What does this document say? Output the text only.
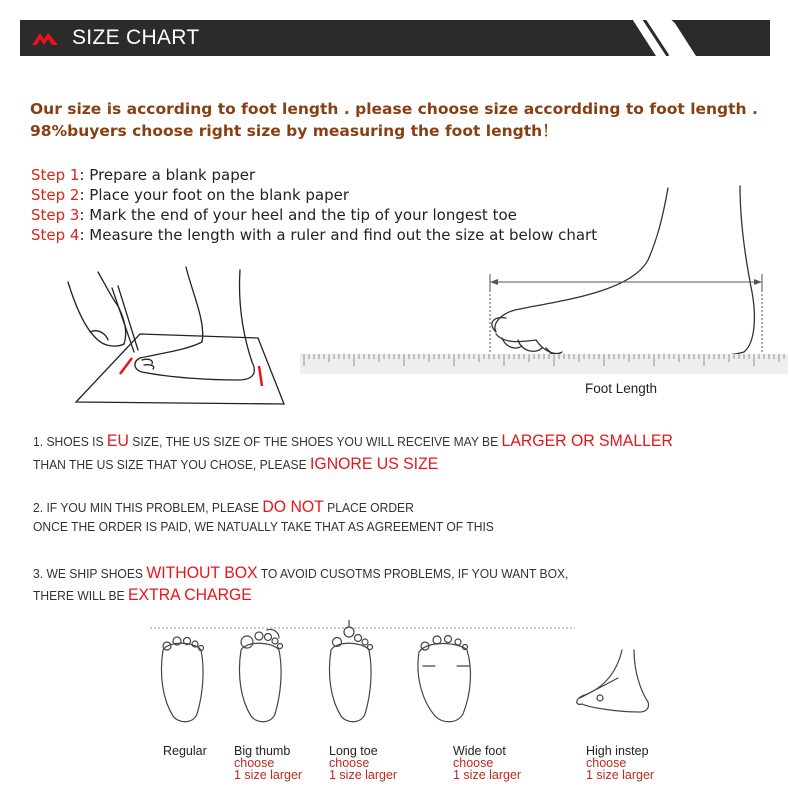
SIZE CHART
Our size is according to foot length . please choose size accordding to foot length .
98%buyers choose right size by measuring the foot length！
Step 1: Prepare a blank paper
Step 2: Place your foot on the blank paper
Step 3: Mark the end of your heel and the tip of your longest toe
Step 4: Measure the length with a ruler and find out the size at below chart
Foot Length
1. SHOES IS EU SIZE, THE US SIZE OF THE SHOES YOU WILL RECEIVE MAY BE LARGER OR SMALLER
THAN THE US SIZE THAT YOU CHOSE, PLEASE IGNORE US SIZE
2. IF YOU MIN THIS PROBLEM, PLEASE DO NOT PLACE ORDER
ONCE THE ORDER IS PAID, WE NATUALLY TAKE THAT AS AGREEMENT OF THIS
3. WE SHIP SHOES WITHOUT BOX TO AVOID CUSOTMS PROBLEMS, IF YOU WANT BOX,
THERE WILL BE EXTRA CHARGE
Regular Big thumb
choose
1 size larger
Long toe
choose
1 size larger
Wide foot
choose
1 size larger
High instep
choose
1 size larger
